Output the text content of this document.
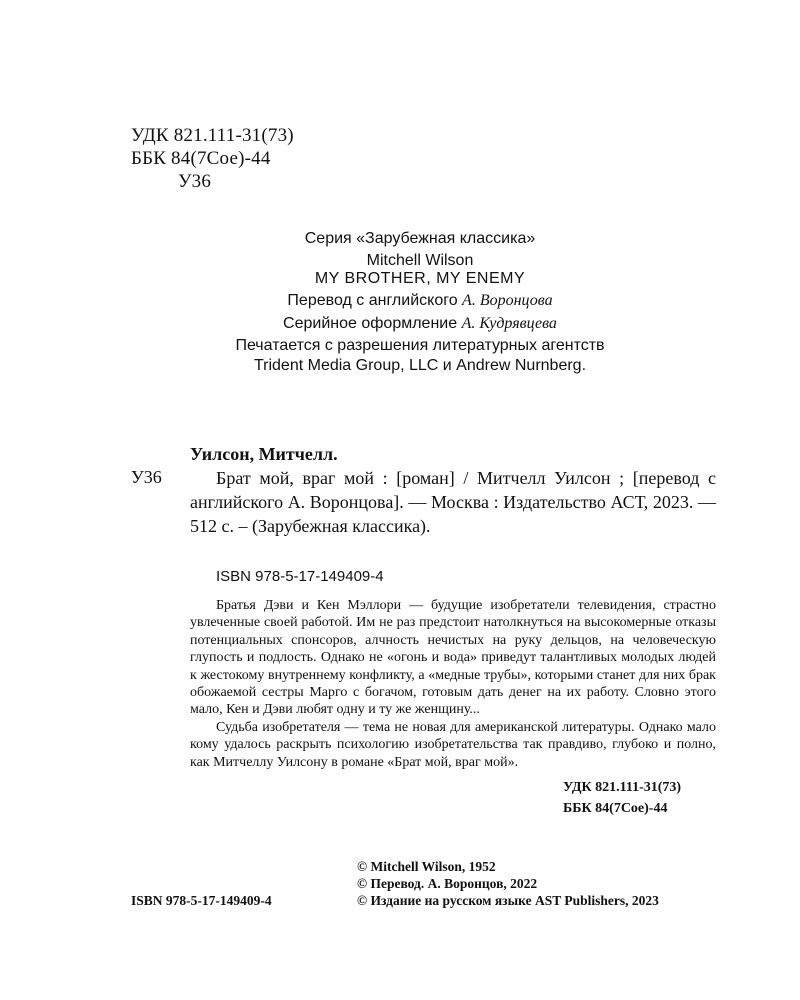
УДК 821.111-31(73)
ББК 84(7Сое)-44
У36
Серия «Зарубежная классика»
Mitchell Wilson
MY BROTHER, MY ENEMY
Перевод с английского А. Воронцова
Серийное оформление А. Кудрявцева
Печатается с разрешения литературных агентств
Trident Media Group, LLC и Andrew Nurnberg.
Уилсон, Митчелл.
У36	Брат мой, враг мой : [роман] / Митчелл Уилсон ; [перевод с английского А. Воронцова]. — Москва : Издательство АСТ, 2023. — 512 с. – (Зарубежная классика).
ISBN 978-5-17-149409-4

Братья Дэви и Кен Мэллори — будущие изобретатели телевидения, страстно увлеченные своей работой. Им не раз предстоит натолкнуться на высокомерные отказы потенциальных спонсоров, алчность нечистых на руку дельцов, на человеческую глупость и подлость. Однако не «огонь и вода» приведут талантливых молодых людей к жестокому внутреннему конфликту, а «медные трубы», которыми станет для них брак обожаемой сестры Марго с богачом, готовым дать денег на их работу. Словно этого мало, Кен и Дэви любят одну и ту же женщину...

Судьба изобретателя — тема не новая для американской литературы. Однако мало кому удалось раскрыть психологию изобретательства так правдиво, глубоко и полно, как Митчеллу Уилсону в романе «Брат мой, враг мой».

УДК 821.111-31(73)
ББК 84(7Сое)-44
ISBN 978-5-17-149409-4
© Mitchell Wilson, 1952
© Перевод. А. Воронцов, 2022
© Издание на русском языке AST Publishers, 2023
